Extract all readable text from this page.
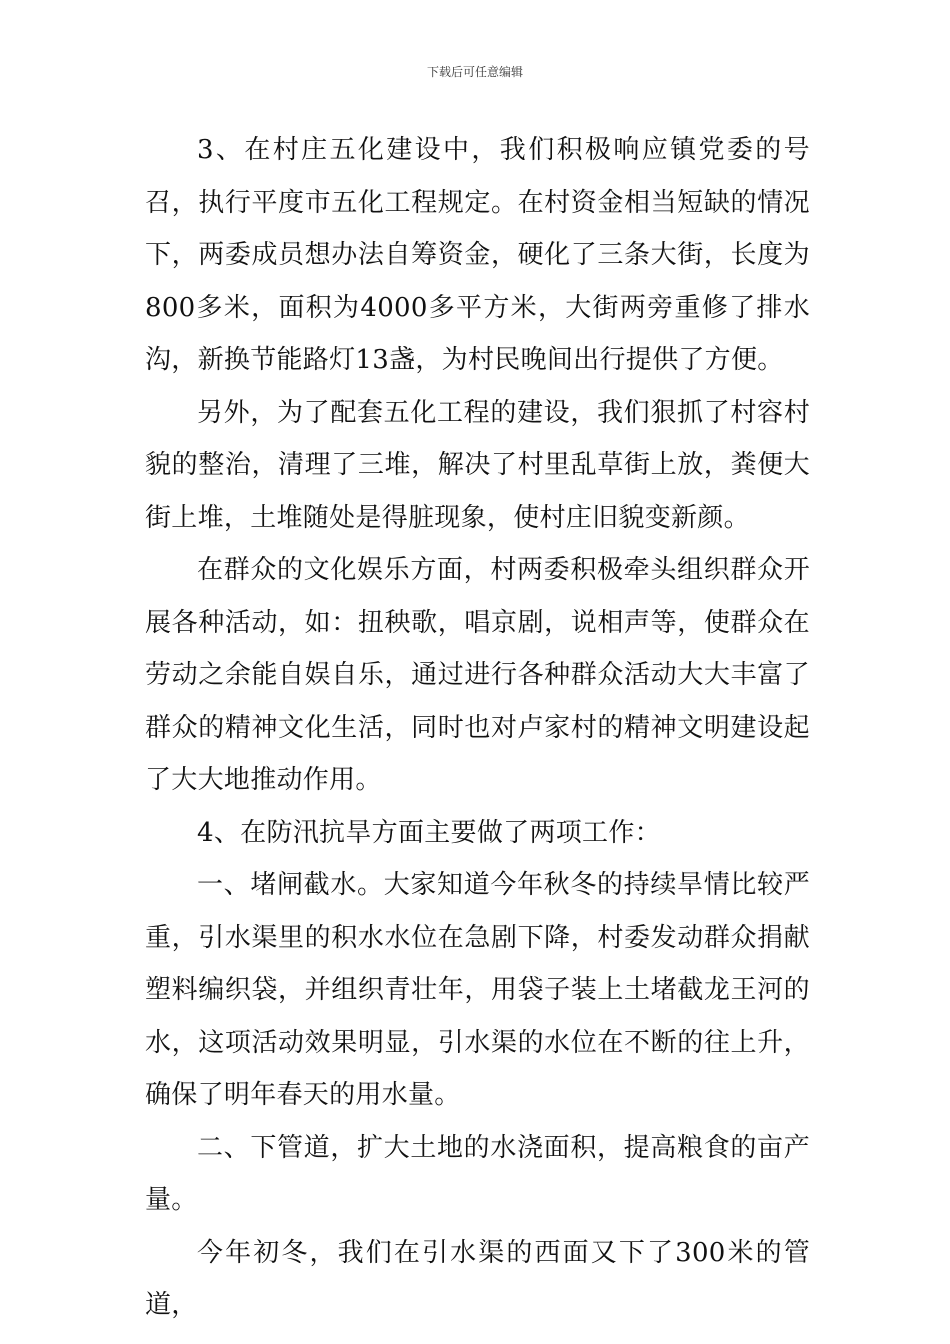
下载后可任意编辑

3、在村庄五化建设中，我们积极响应镇党委的号召，执行平度市五化工程规定。在村资金相当短缺的情况下，两委成员想办法自筹资金，硬化了三条大街，长度为800多米，面积为4000多平方米，大街两旁重修了排水沟，新换节能路灯13盏，为村民晚间出行提供了方便。

另外，为了配套五化工程的建设，我们狠抓了村容村貌的整治，清理了三堆，解决了村里乱草街上放，粪便大街上堆，土堆随处是得脏现象，使村庄旧貌变新颜。

在群众的文化娱乐方面，村两委积极牵头组织群众开展各种活动，如：扭秧歌，唱京剧，说相声等，使群众在劳动之余能自娱自乐，通过进行各种群众活动大大丰富了群众的精神文化生活，同时也对卢家村的精神文明建设起了大大地推动作用。

4、在防汛抗旱方面主要做了两项工作：

一、堵闸截水。大家知道今年秋冬的持续旱情比较严重，引水渠里的积水水位在急剧下降，村委发动群众捐献塑料编织袋，并组织青壮年，用袋子装上土堵截龙王河的水，这项活动效果明显，引水渠的水位在不断的往上升，确保了明年春天的用水量。

二、下管道，扩大土地的水浇面积，提高粮食的亩产量。

今年初冬，我们在引水渠的西面又下了300米的管道，
